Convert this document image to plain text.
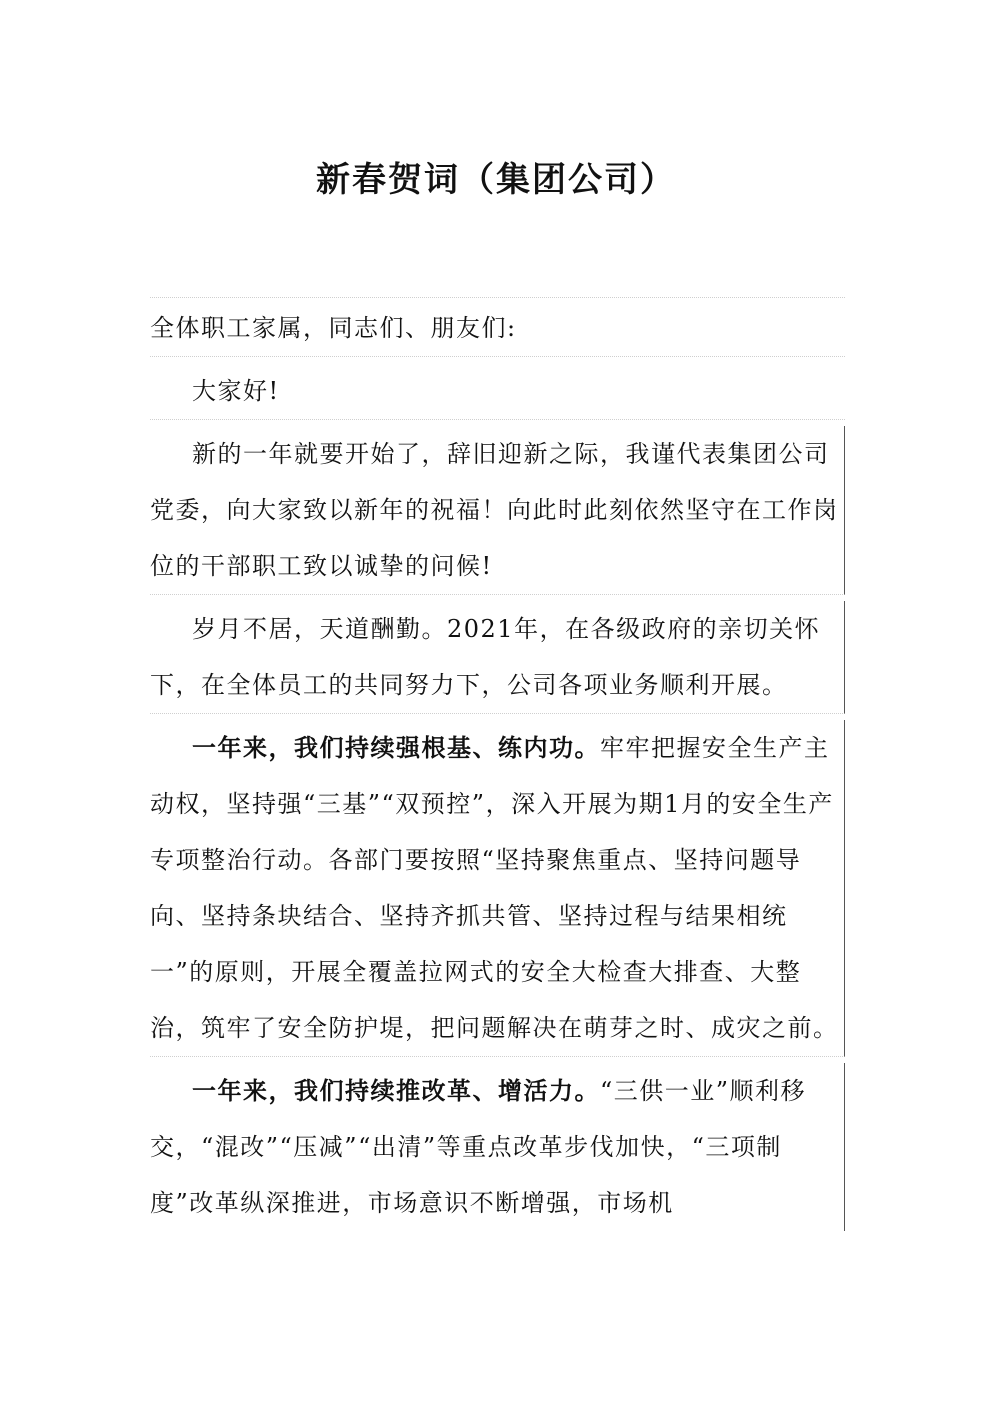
新春贺词（集团公司）

全体职工家属，同志们、朋友们:

大家好!

新的一年就要开始了，辞旧迎新之际，我谨代表集团公司党委，向大家致以新年的祝福！向此时此刻依然坚守在工作岗位的干部职工致以诚挚的问候!

岁月不居，天道酬勤。2021年，在各级政府的亲切关怀下，在全体员工的共同努力下，公司各项业务顺利开展。

一年来，我们持续强根基、练内功。牢牢把握安全生产主动权，坚持强“三基”“双预控”，深入开展为期1月的安全生产专项整治行动。各部门要按照“坚持聚焦重点、坚持问题导向、坚持条块结合、坚持齐抓共管、坚持过程与结果相统一”的原则，开展全覆盖拉网式的安全大检查大排查、大整治，筑牢了安全防护堤，把问题解决在萌芽之时、成灾之前。

一年来，我们持续推改革、增活力。“三供一业”顺利移交，“混改”“压减”“出清”等重点改革步伐加快，“三项制度”改革纵深推进，市场意识不断增强，市场机
